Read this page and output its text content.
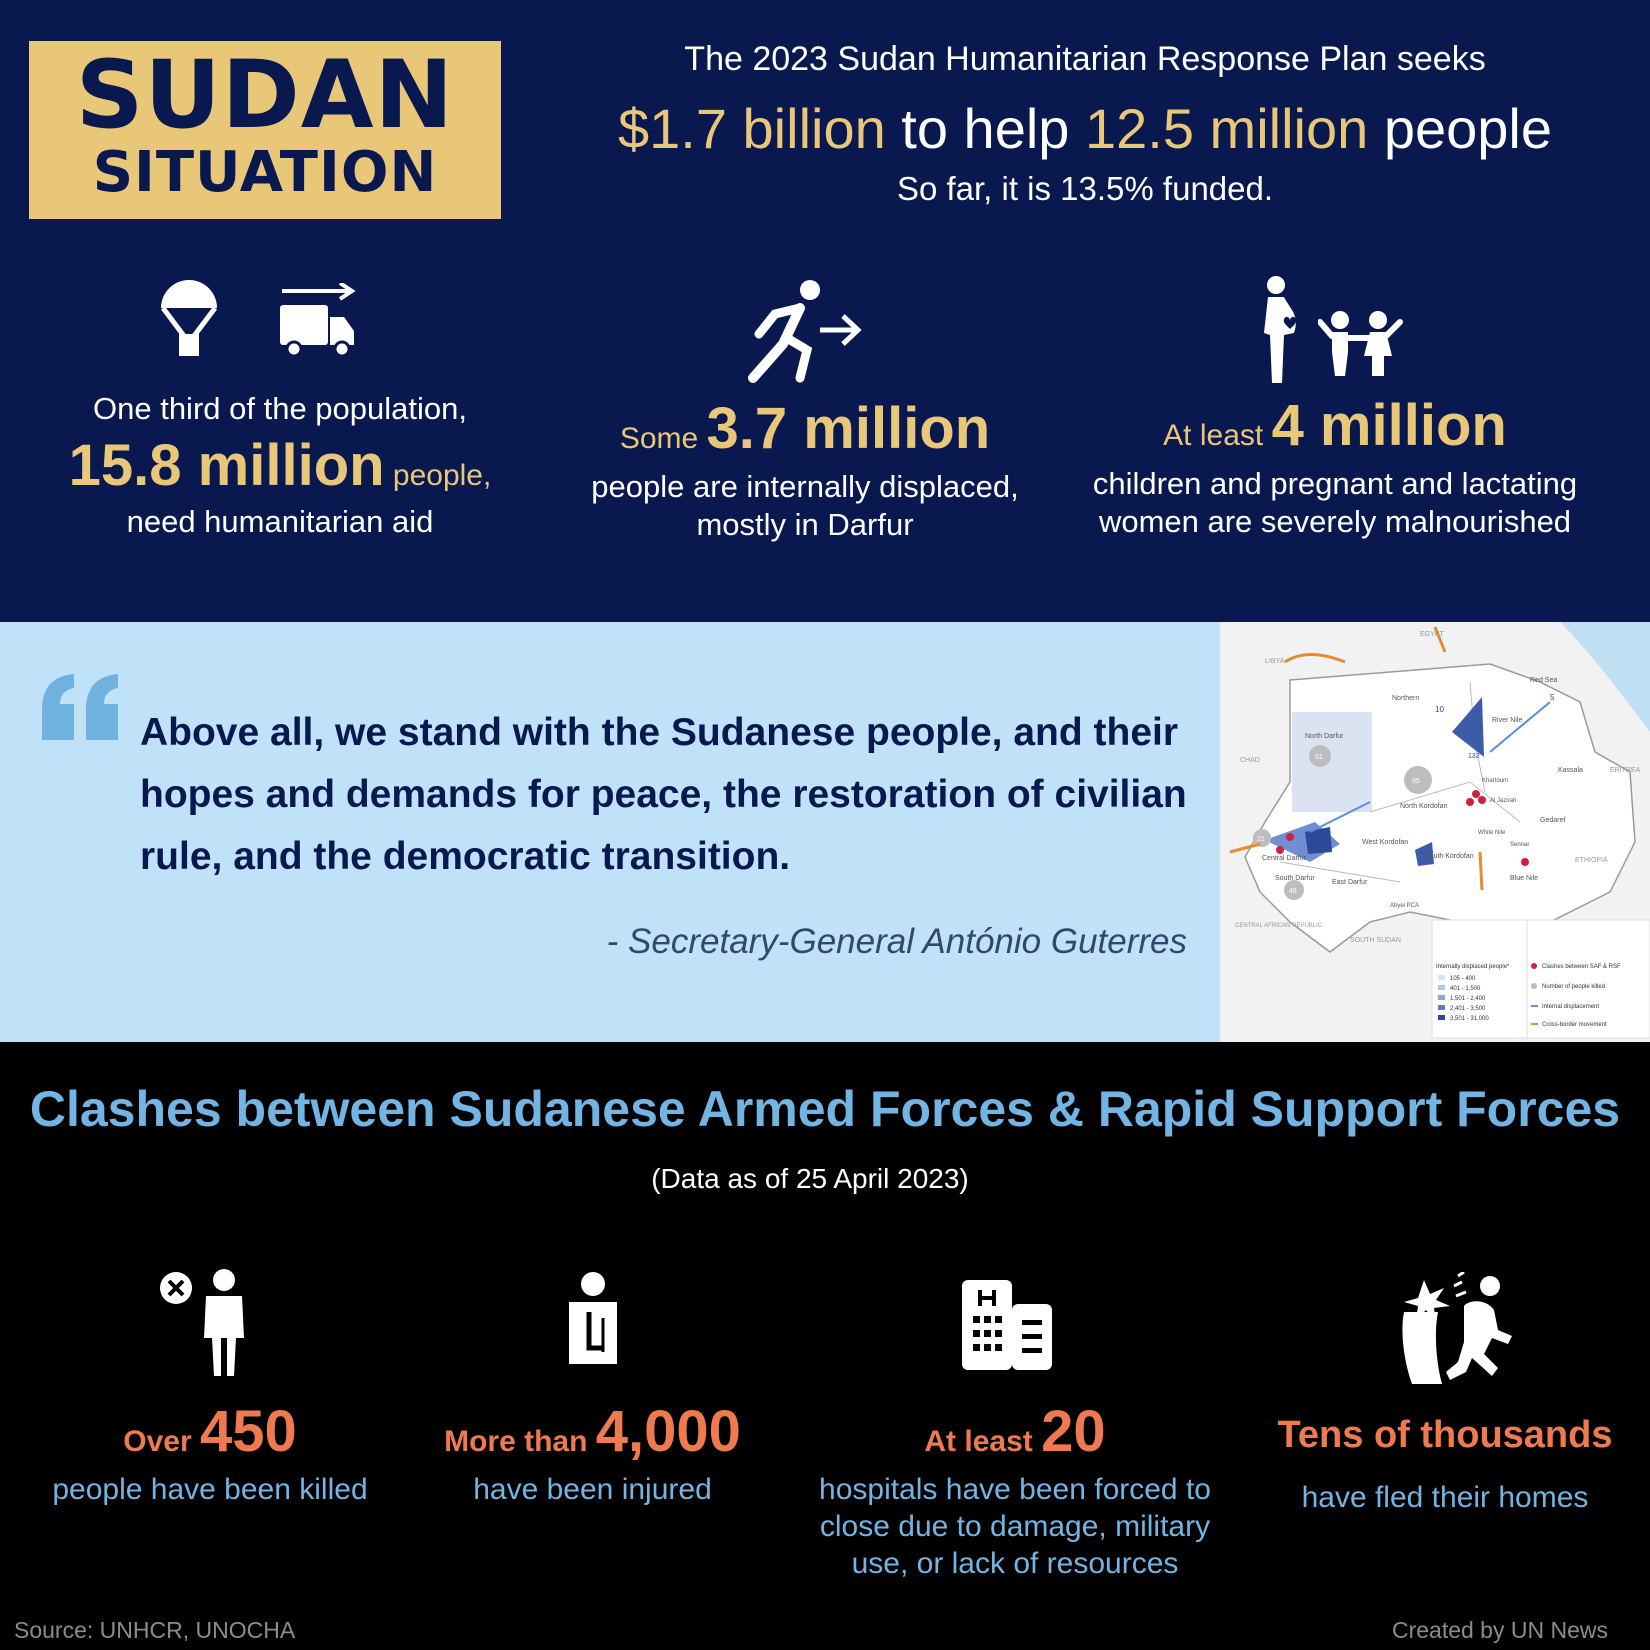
SUDAN
SITUATION
The 2023 Sudan Humanitarian Response Plan seeks
$1.7 billion to help 12.5 million people
So far, it is 13.5% funded.
One third of the population,
15.8 million people,
need humanitarian aid
Some 3.7 million
people are internally displaced,
mostly in Darfur
At least 4 million
children and pregnant and lactating
women are severely malnourished
Above all, we stand with the Sudanese people, and their
hopes and demands for peace, the restoration of civilian
rule, and the democratic transition.
- Secretary-General António Guterres
EGYPT
LIBYA
Red Sea
Northern
North Darfur
CHAD
River Nile
Kassala	ERITREA
North Kordofan
Gedaref
West Kordofan
South Kordofan
Central Darfur
South Darfur
East Darfur
Blue Nile
CENTRAL AFRICAN REPUBLIC
SOUTH SUDAN
Abyei PCA
ETHIOPIA
Al Jazirah
Khartoum
Sennar
White Nile
10
5
61
95
132
21
48
Internally displaced people*
105 - 400
401 - 1,500
1,501 - 2,400
2,401 - 3,500
3,501 - 31,000
Clashes between SAF & RSF
Number of people killed
Internal displacement
Cross-border movement
Clashes between Sudanese Armed Forces & Rapid Support Forces
(Data as of 25 April 2023)
Over 450
people have been killed
More than 4,000
have been injured
At least 20
hospitals have been forced to
close due to damage, military
use, or lack of resources
Tens of thousands
have fled their homes
Source: UNHCR, UNOCHA	Created by UN News
